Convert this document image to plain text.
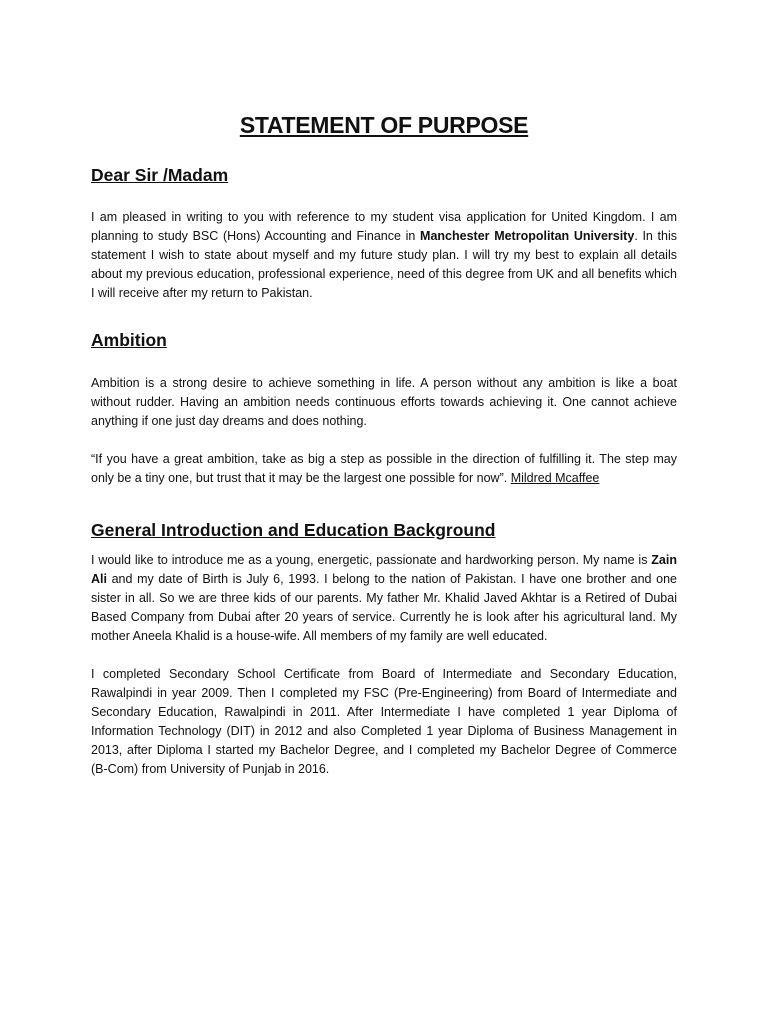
STATEMENT OF PURPOSE
Dear Sir /Madam

I am pleased in writing to you with reference to my student visa application for United Kingdom. I am planning to study BSC (Hons) Accounting and Finance in Manchester Metropolitan University. In this statement I wish to state about myself and my future study plan. I will try my best to explain all details about my previous education, professional experience, need of this degree from UK and all benefits which I will receive after my return to Pakistan.

Ambition

Ambition is a strong desire to achieve something in life. A person without any ambition is like a boat without rudder. Having an ambition needs continuous efforts towards achieving it. One cannot achieve anything if one just day dreams and does nothing.

“If you have a great ambition, take as big a step as possible in the direction of fulfilling it. The step may only be a tiny one, but trust that it may be the largest one possible for now”. Mildred Mcaffee

General Introduction and Education Background

I would like to introduce me as a young, energetic, passionate and hardworking person. My name is Zain Ali and my date of Birth is July 6, 1993. I belong to the nation of Pakistan. I have one brother and one sister in all. So we are three kids of our parents. My father Mr. Khalid Javed Akhtar is a Retired of Dubai Based Company from Dubai after 20 years of service. Currently he is look after his agricultural land. My mother Aneela Khalid is a house-wife. All members of my family are well educated.

I completed Secondary School Certificate from Board of Intermediate and Secondary Education, Rawalpindi in year 2009. Then I completed my FSC (Pre-Engineering) from Board of Intermediate and Secondary Education, Rawalpindi in 2011. After Intermediate I have completed 1 year Diploma of Information Technology (DIT) in 2012 and also Completed 1 year Diploma of Business Management in 2013, after Diploma I started my Bachelor Degree, and I completed my Bachelor Degree of Commerce (B-Com) from University of Punjab in 2016.
